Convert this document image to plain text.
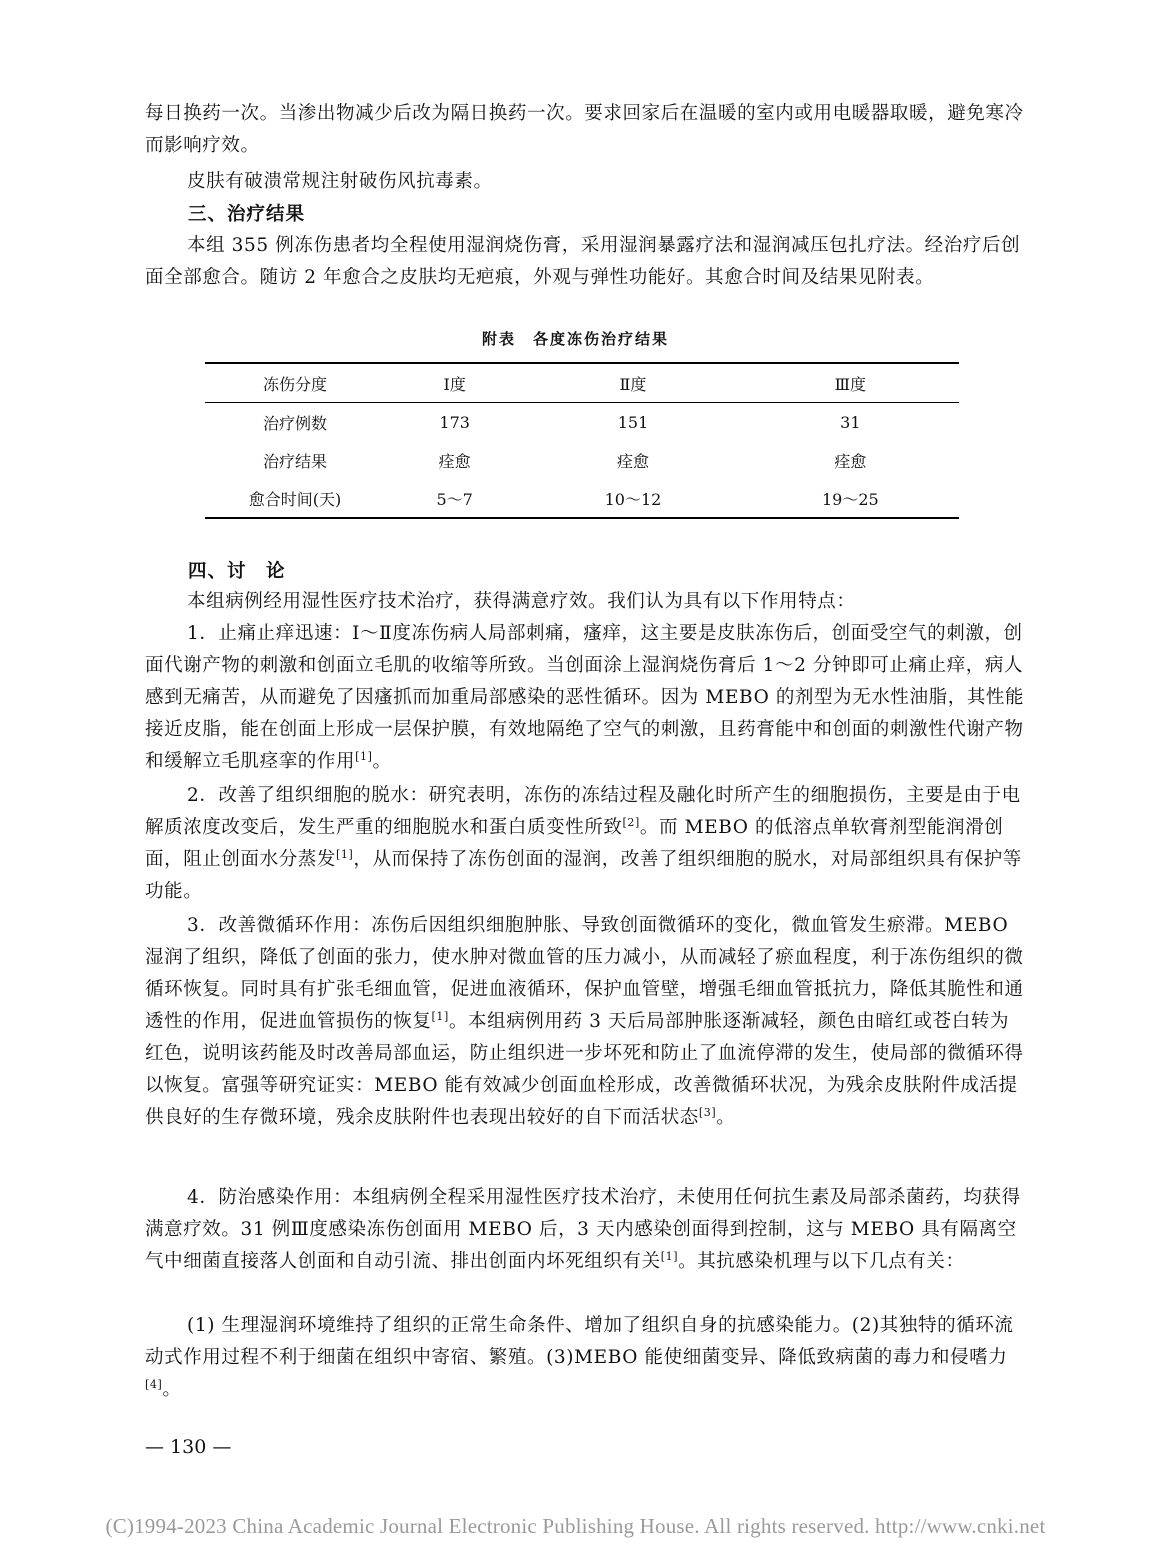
每日换药一次。当渗出物减少后改为隔日换药一次。要求回家后在温暖的室内或用电暖器取暖，避免寒冷而影响疗效。
皮肤有破溃常规注射破伤风抗毒素。
三、治疗结果
本组 355 例冻伤患者均全程使用湿润烧伤膏，采用湿润暴露疗法和湿润减压包扎疗法。经治疗后创面全部愈合。随访 2 年愈合之皮肤均无疤痕，外观与弹性功能好。其愈合时间及结果见附表。
附表　各度冻伤治疗结果
冻伤分度	Ⅰ度	Ⅱ度	Ⅲ度
治疗例数	173	151	31
治疗结果	痊愈	痊愈	痊愈
愈合时间(天)	5～7	10～12	19～25
四、讨　论
本组病例经用湿性医疗技术治疗，获得满意疗效。我们认为具有以下作用特点：
1．止痛止痒迅速：Ⅰ～Ⅱ度冻伤病人局部刺痛，瘙痒，这主要是皮肤冻伤后，创面受空气的刺激，创面代谢产物的刺激和创面立毛肌的收缩等所致。当创面涂上湿润烧伤膏后 1～2 分钟即可止痛止痒，病人感到无痛苦，从而避免了因瘙抓而加重局部感染的恶性循环。因为 MEBO 的剂型为无水性油脂，其性能接近皮脂，能在创面上形成一层保护膜，有效地隔绝了空气的刺激，且药膏能中和创面的刺激性代谢产物和缓解立毛肌痉挛的作用[1]。
2．改善了组织细胞的脱水：研究表明，冻伤的冻结过程及融化时所产生的细胞损伤，主要是由于电解质浓度改变后，发生严重的细胞脱水和蛋白质变性所致[2]。而 MEBO 的低溶点单软膏剂型能润滑创面，阻止创面水分蒸发[1]，从而保持了冻伤创面的湿润，改善了组织细胞的脱水，对局部组织具有保护等功能。
3．改善微循环作用：冻伤后因组织细胞肿胀、导致创面微循环的变化，微血管发生瘀滞。MEBO 湿润了组织，降低了创面的张力，使水肿对微血管的压力减小，从而减轻了瘀血程度，利于冻伤组织的微循环恢复。同时具有扩张毛细血管，促进血液循环，保护血管壁，增强毛细血管抵抗力，降低其脆性和通透性的作用，促进血管损伤的恢复[1]。本组病例用药 3 天后局部肿胀逐渐减轻，颜色由暗红或苍白转为红色，说明该药能及时改善局部血运，防止组织进一步坏死和防止了血流停滞的发生，使局部的微循环得以恢复。富强等研究证实：MEBO 能有效减少创面血栓形成，改善微循环状况，为残余皮肤附件成活提供良好的生存微环境，残余皮肤附件也表现出较好的自下而活状态[3]。
4．防治感染作用：本组病例全程采用湿性医疗技术治疗，未使用任何抗生素及局部杀菌药，均获得满意疗效。31 例Ⅲ度感染冻伤创面用 MEBO 后，3 天内感染创面得到控制，这与 MEBO 具有隔离空气中细菌直接落人创面和自动引流、排出创面内坏死组织有关[1]。其抗感染机理与以下几点有关：
(1) 生理湿润环境维持了组织的正常生命条件、增加了组织自身的抗感染能力。(2)其独特的循环流动式作用过程不利于细菌在组织中寄宿、繁殖。(3)MEBO 能使细菌变异、降低致病菌的毒力和侵嗜力[4]。
— 130 —
(C)1994-2023 China Academic Journal Electronic Publishing House. All rights reserved. http://www.cnki.net
